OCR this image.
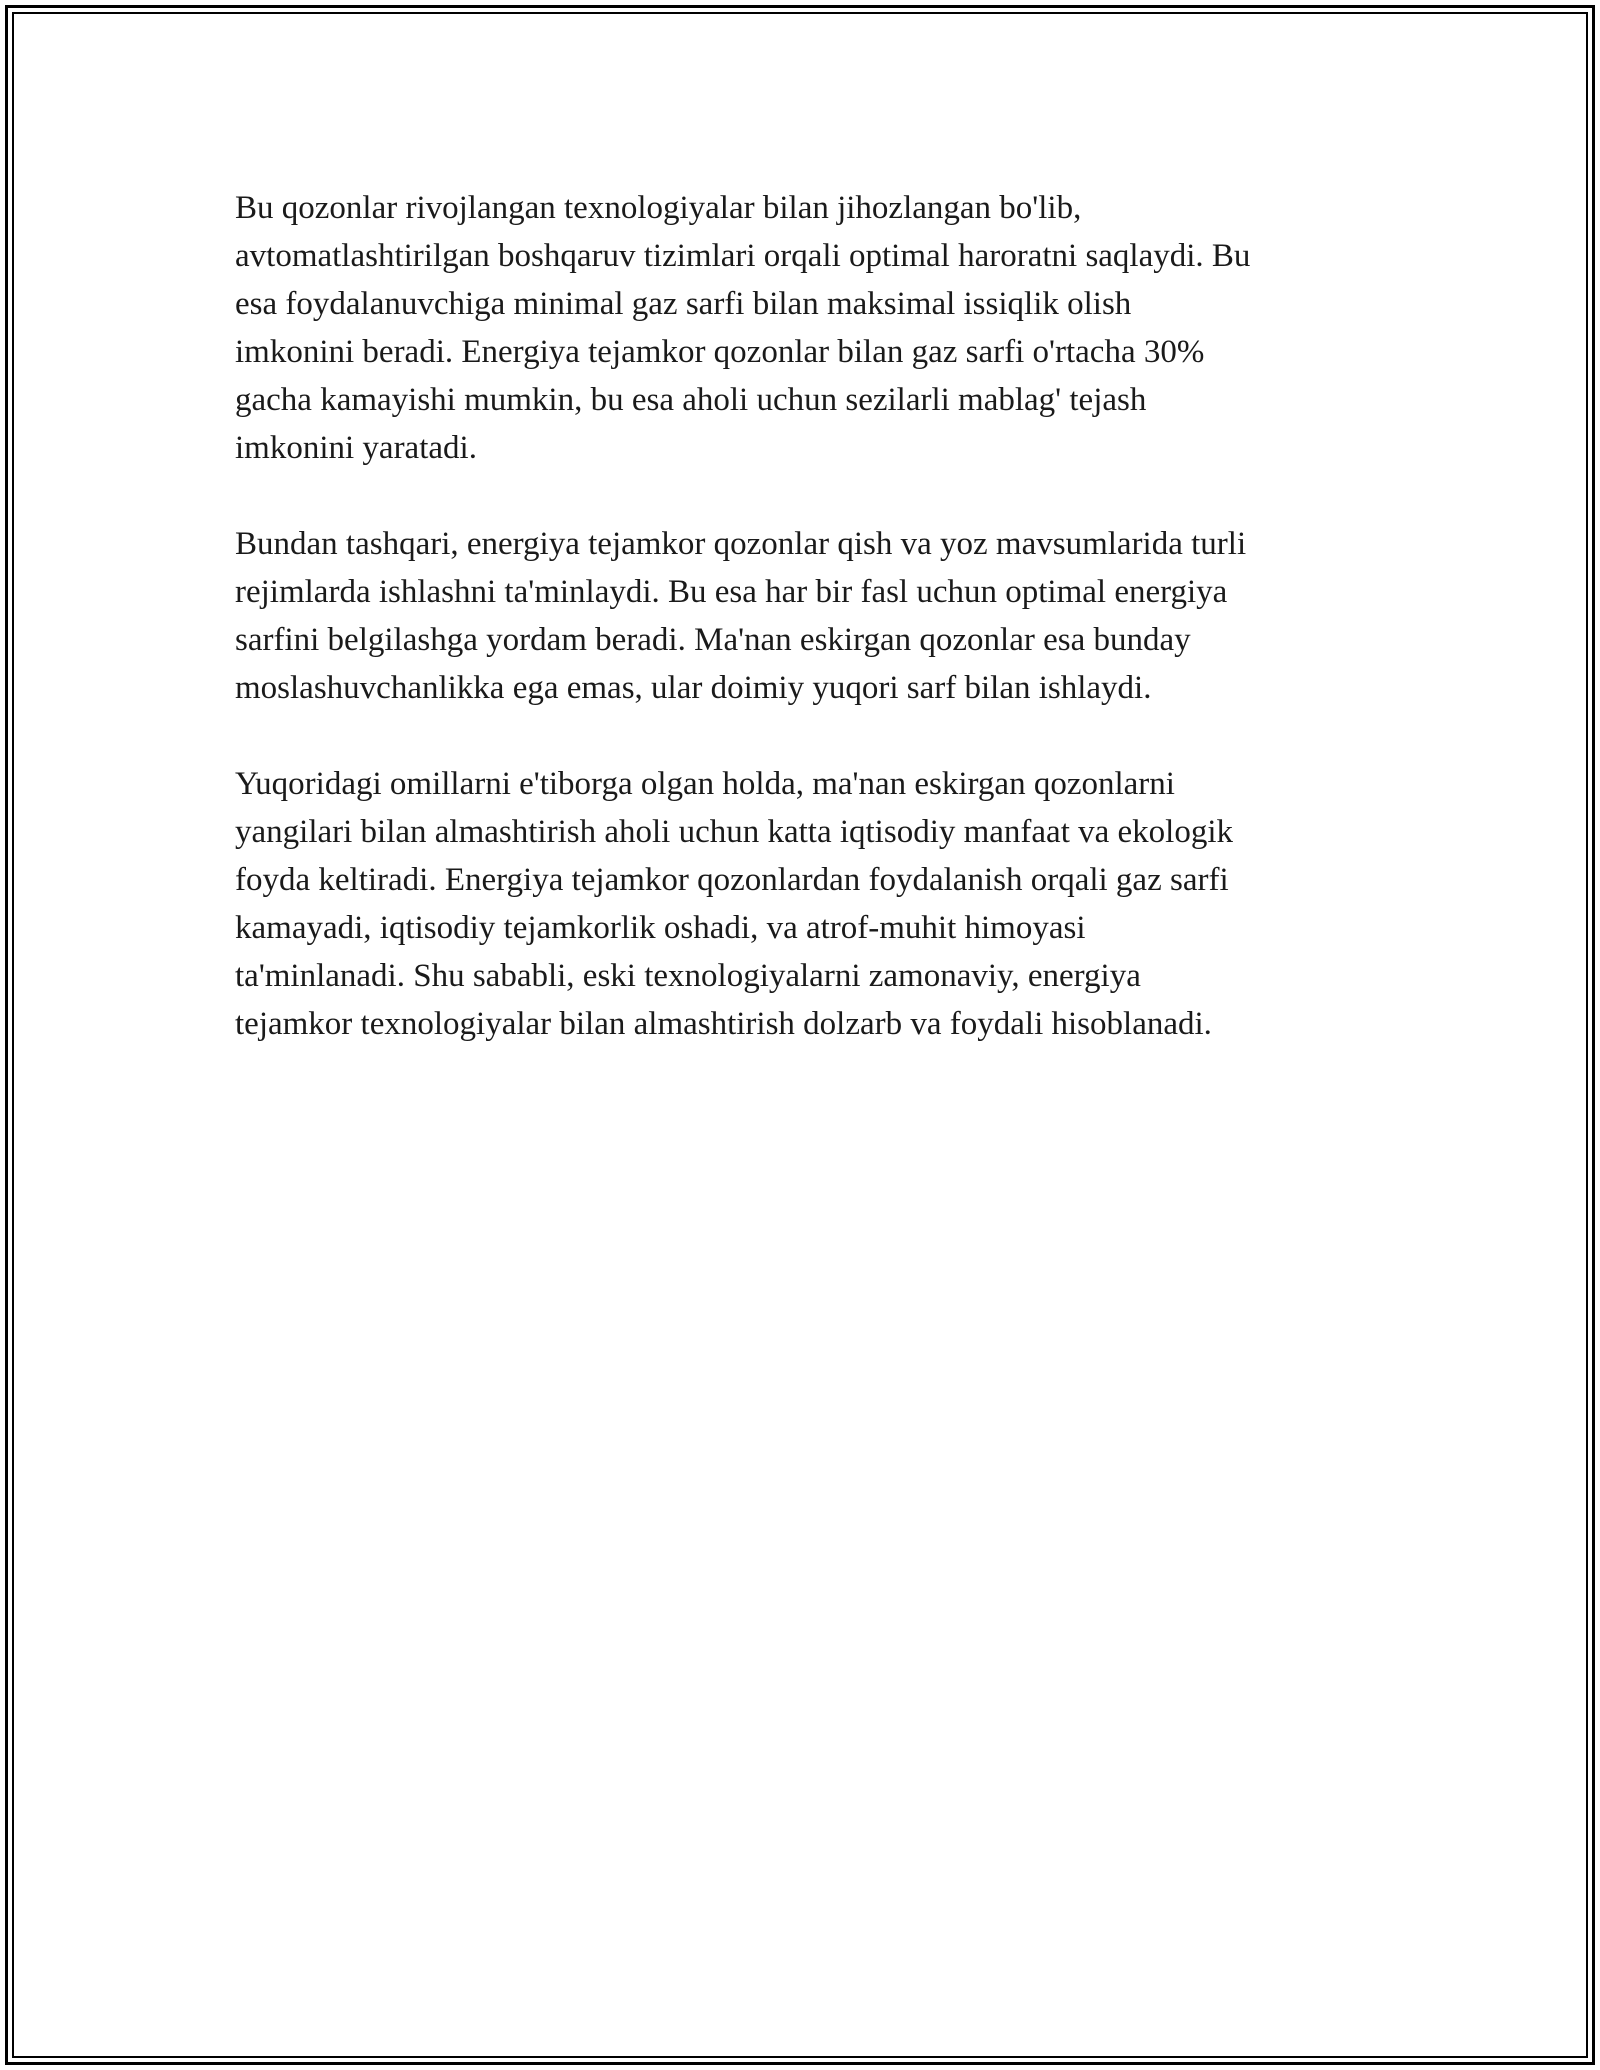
Bu qozonlar rivojlangan texnologiyalar bilan jihozlangan bo'lib,
avtomatlashtirilgan boshqaruv tizimlari orqali optimal haroratni saqlaydi. Bu
esa foydalanuvchiga minimal gaz sarfi bilan maksimal issiqlik olish
imkonini beradi. Energiya tejamkor qozonlar bilan gaz sarfi o'rtacha 30%
gacha kamayishi mumkin, bu esa aholi uchun sezilarli mablag' tejash
imkonini yaratadi.

Bundan tashqari, energiya tejamkor qozonlar qish va yoz mavsumlarida turli
rejimlarda ishlashni ta'minlaydi. Bu esa har bir fasl uchun optimal energiya
sarfini belgilashga yordam beradi. Ma'nan eskirgan qozonlar esa bunday
moslashuvchanlikka ega emas, ular doimiy yuqori sarf bilan ishlaydi.

Yuqoridagi omillarni e'tiborga olgan holda, ma'nan eskirgan qozonlarni
yangilari bilan almashtirish aholi uchun katta iqtisodiy manfaat va ekologik
foyda keltiradi. Energiya tejamkor qozonlardan foydalanish orqali gaz sarfi
kamayadi, iqtisodiy tejamkorlik oshadi, va atrof-muhit himoyasi
ta'minlanadi. Shu sababli, eski texnologiyalarni zamonaviy, energiya
tejamkor texnologiyalar bilan almashtirish dolzarb va foydali hisoblanadi.
